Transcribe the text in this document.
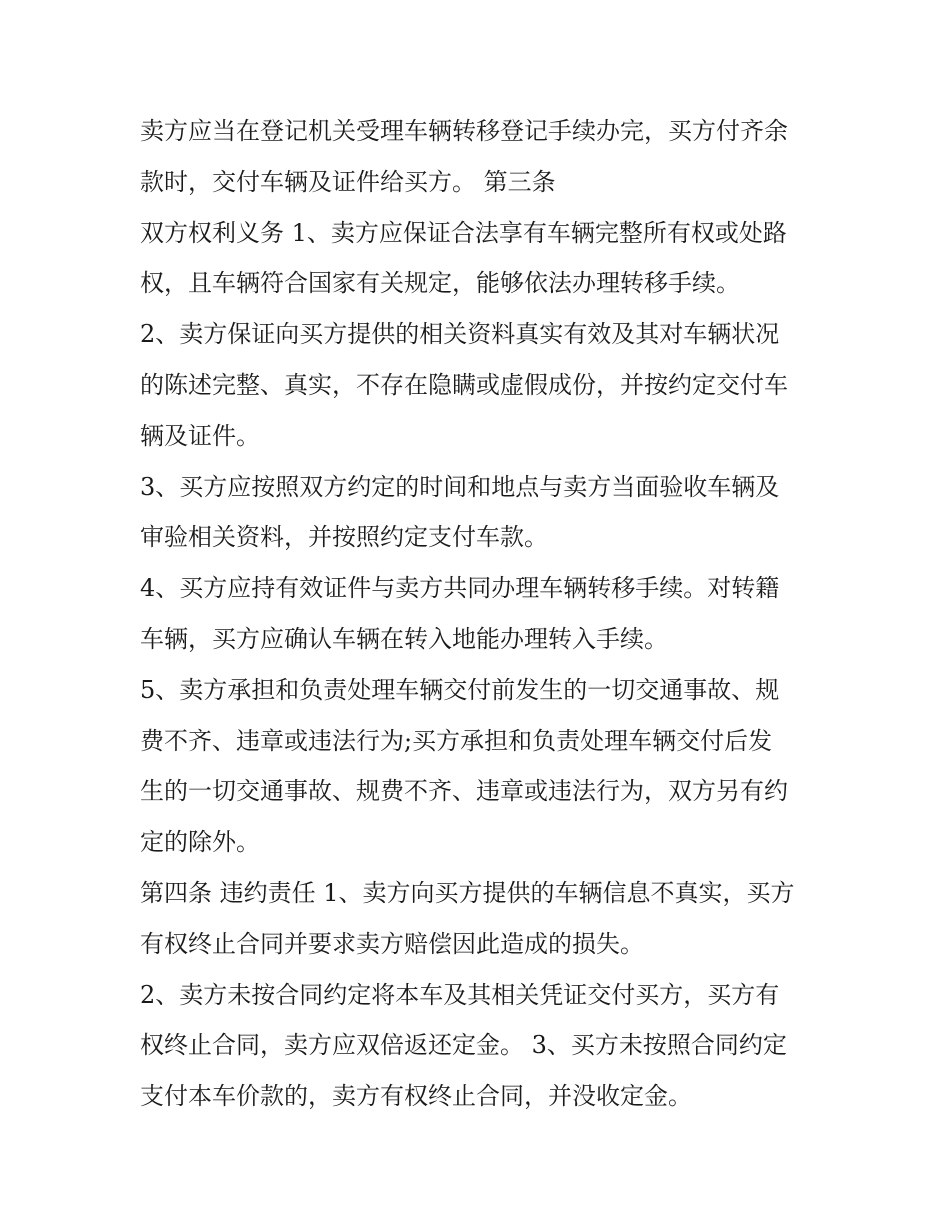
卖方应当在登记机关受理车辆转移登记手续办完，买方付齐余
款时，交付车辆及证件给买方。 第三条
双方权利义务 1、卖方应保证合法享有车辆完整所有权或处路
权，且车辆符合国家有关规定，能够依法办理转移手续。
2、卖方保证向买方提供的相关资料真实有效及其对车辆状况
的陈述完整、真实，不存在隐瞒或虚假成份，并按约定交付车
辆及证件。
3、买方应按照双方约定的时间和地点与卖方当面验收车辆及
审验相关资料，并按照约定支付车款。
4、买方应持有效证件与卖方共同办理车辆转移手续。对转籍
车辆，买方应确认车辆在转入地能办理转入手续。
5、卖方承担和负责处理车辆交付前发生的一切交通事故、规
费不齐、违章或违法行为;买方承担和负责处理车辆交付后发
生的一切交通事故、规费不齐、违章或违法行为，双方另有约
定的除外。
第四条 违约责任 1、卖方向买方提供的车辆信息不真实，买方
有权终止合同并要求卖方赔偿因此造成的损失。
2、卖方未按合同约定将本车及其相关凭证交付买方，买方有
权终止合同，卖方应双倍返还定金。 3、买方未按照合同约定
支付本车价款的，卖方有权终止合同，并没收定金。
